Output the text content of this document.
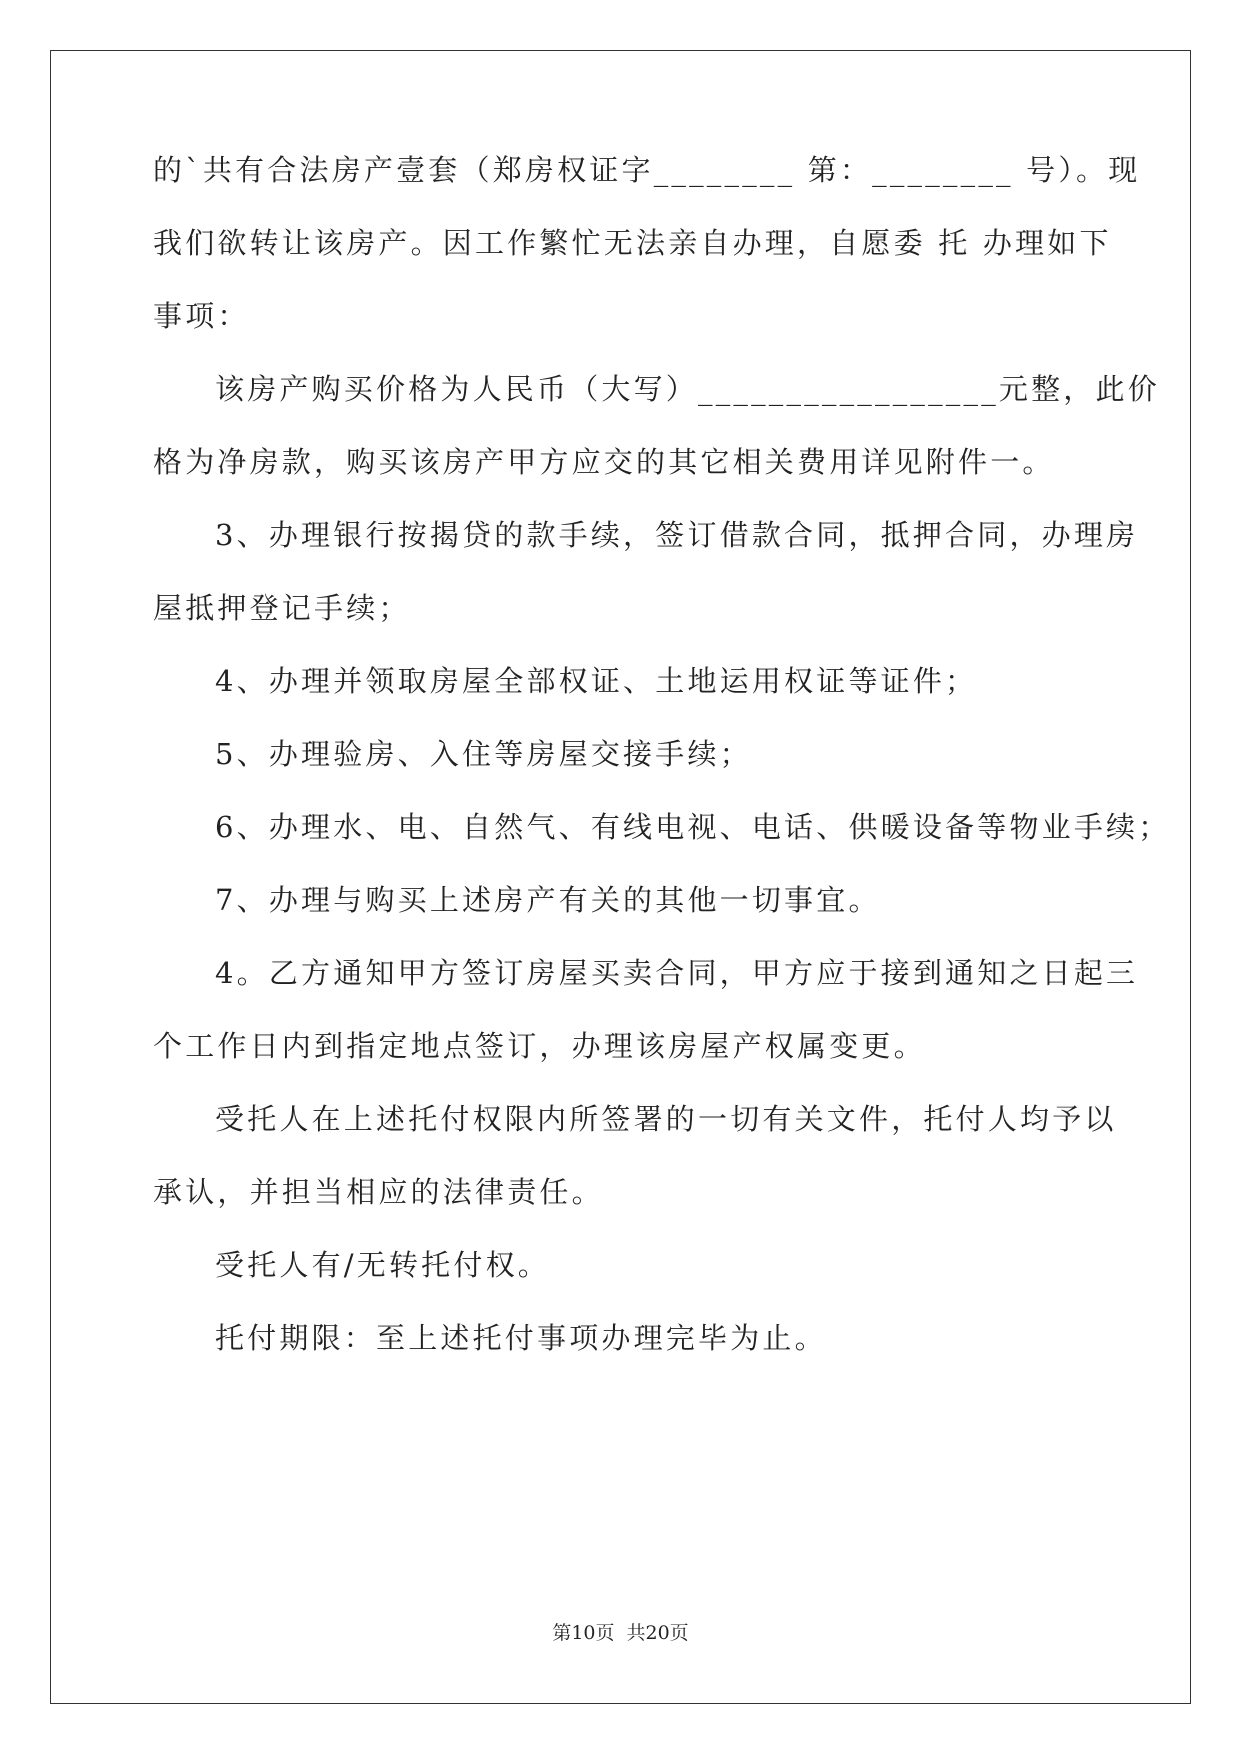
的`共有合法房产壹套（郑房权证字________ 第：________ 号）。现
我们欲转让该房产。因工作繁忙无法亲自办理，自愿委 托 办理如下
事项：
该房产购买价格为人民币（大写）_________________元整，此价
格为净房款，购买该房产甲方应交的其它相关费用详见附件一。
3、办理银行按揭贷的款手续，签订借款合同，抵押合同，办理房
屋抵押登记手续；
4、办理并领取房屋全部权证、土地运用权证等证件；
5、办理验房、入住等房屋交接手续；
6、办理水、电、自然气、有线电视、电话、供暖设备等物业手续；
7、办理与购买上述房产有关的其他一切事宜。
4。乙方通知甲方签订房屋买卖合同，甲方应于接到通知之日起三
个工作日内到指定地点签订，办理该房屋产权属变更。
受托人在上述托付权限内所签署的一切有关文件，托付人均予以
承认，并担当相应的法律责任。
受托人有/无转托付权。
托付期限：至上述托付事项办理完毕为止。
第10页 共20页
